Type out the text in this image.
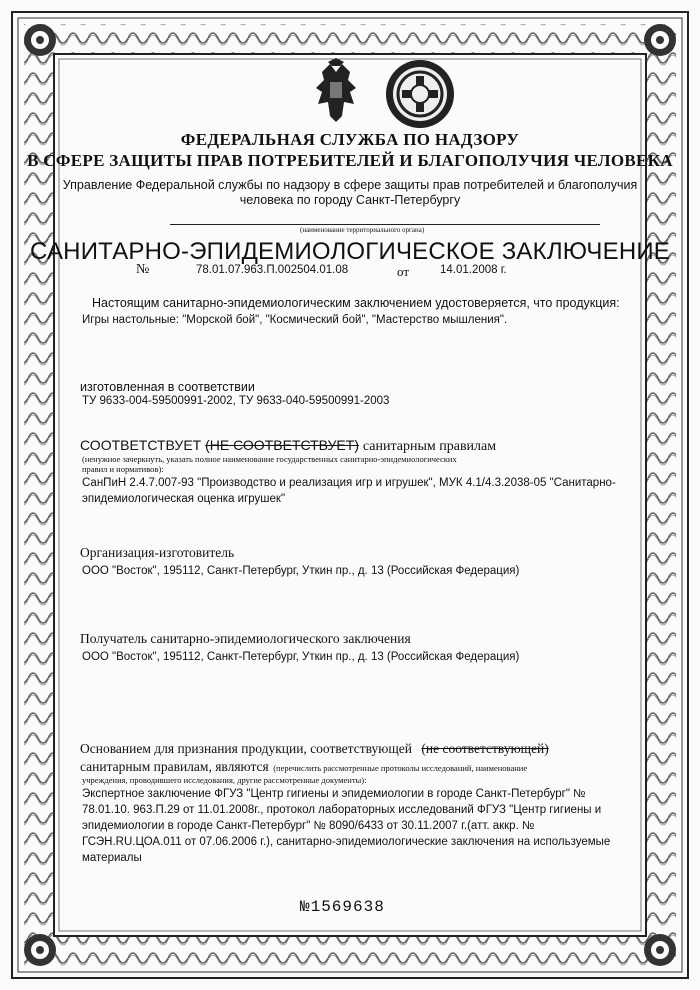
ФЕДЕРАЛЬНАЯ СЛУЖБА ПО НАДЗОРУ
В СФЕРЕ ЗАЩИТЫ ПРАВ ПОТРЕБИТЕЛЕЙ И БЛАГОПОЛУЧИЯ ЧЕЛОВЕКА
Управление Федеральной службы по надзору в сфере защиты прав потребителей и благополучия
человека по городу Санкт-Петербургу
(наименование территориального органа)
САНИТАРНО-ЭПИДЕМИОЛОГИЧЕСКОЕ ЗАКЛЮЧЕНИЕ
№	78.01.07.963.П.002504.01.08	от	14.01.2008 г.
Настоящим санитарно-эпидемиологическим заключением удостоверяется, что продукция:
Игры настольные: "Морской бой", "Космический бой", "Мастерство мышления".
изготовленная в соответствии
ТУ 9633-004-59500991-2002, ТУ 9633-040-59500991-2003
СООТВЕТСТВУЕТ (НЕ СООТВЕТСТВУЕТ) санитарным правилам
(ненужное зачеркнуть, указать полное наименование государственных санитарно-эпидемиологических
правил и нормативов):
СанПиН 2.4.7.007-93 "Производство и реализация игр и игрушек", МУК 4.1/4.3.2038-05 "Санитарно-
эпидемиологическая оценка игрушек"
Организация-изготовитель
ООО "Восток", 195112, Санкт-Петербург, Уткин пр., д. 13 (Российская Федерация)
Получатель санитарно-эпидемиологического заключения
ООО "Восток", 195112, Санкт-Петербург, Уткин пр., д. 13 (Российская Федерация)
Основанием для признания продукции, соответствующей (не соответствующей)
санитарным правилам, являются (перечислить рассмотренные протоколы исследований, наименование
учреждения, проводившего исследования, другие рассмотренные документы):
Экспертное заключение ФГУЗ "Центр гигиены и эпидемиологии в городе Санкт-Петербург" №
78.01.10. 963.П.29 от 11.01.2008г., протокол лабораторных исследований ФГУЗ "Центр гигиены и
эпидемиологии в городе Санкт-Петербург" № 8090/6433 от 30.11.2007 г.(атт. аккр. №
ГСЭН.RU.ЦОА.011 от 07.06.2006 г.), санитарно-эпидемиологические заключения на используемые
материалы
№1569638
